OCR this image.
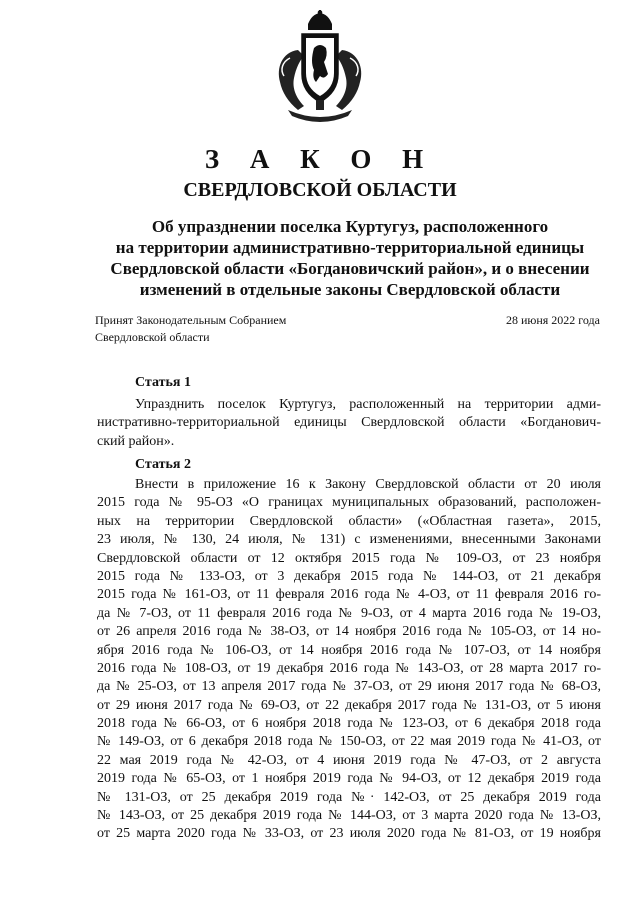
З А К О Н
СВЕРДЛОВСКОЙ ОБЛАСТИ
Об упразднении поселка Куртугуз, расположенного
на территории административно-территориальной единицы
Свердловской области «Богдановичский район», и о внесении
изменений в отдельные законы Свердловской области
Принят Законодательным Собранием
Свердловской области
28 июня 2022 года
Статья 1
Упразднить поселок Куртугуз, расположенный на территории адми-
нистративно-территориальной единицы Свердловской области «Богданович-
ский район».
Статья 2
Внести в приложение 16 к Закону Свердловской области от 20 июля
2015 года № 95-ОЗ «О границах муниципальных образований, расположен-
ных на территории Свердловской области» («Областная газета», 2015,
23 июля, № 130, 24 июля, № 131) с изменениями, внесенными Законами
Свердловской области от 12 октября 2015 года № 109-ОЗ, от 23 ноября
2015 года № 133-ОЗ, от 3 декабря 2015 года № 144-ОЗ, от 21 декабря
2015 года № 161-ОЗ, от 11 февраля 2016 года № 4-ОЗ, от 11 февраля 2016 го-
да № 7-ОЗ, от 11 февраля 2016 года № 9-ОЗ, от 4 марта 2016 года № 19-ОЗ,
от 26 апреля 2016 года № 38-ОЗ, от 14 ноября 2016 года № 105-ОЗ, от 14 но-
ября 2016 года № 106-ОЗ, от 14 ноября 2016 года № 107-ОЗ, от 14 ноября
2016 года № 108-ОЗ, от 19 декабря 2016 года № 143-ОЗ, от 28 марта 2017 го-
да № 25-ОЗ, от 13 апреля 2017 года № 37-ОЗ, от 29 июня 2017 года № 68-ОЗ,
от 29 июня 2017 года № 69-ОЗ, от 22 декабря 2017 года № 131-ОЗ, от 5 июня
2018 года № 66-ОЗ, от 6 ноября 2018 года № 123-ОЗ, от 6 декабря 2018 года
№ 149-ОЗ, от 6 декабря 2018 года № 150-ОЗ, от 22 мая 2019 года № 41-ОЗ, от
22 мая 2019 года № 42-ОЗ, от 4 июня 2019 года № 47-ОЗ, от 2 августа
2019 года № 65-ОЗ, от 1 ноября 2019 года № 94-ОЗ, от 12 декабря 2019 года
№ 131-ОЗ, от 25 декабря 2019 года №· 142-ОЗ, от 25 декабря 2019 года
№ 143-ОЗ, от 25 декабря 2019 года № 144-ОЗ, от 3 марта 2020 года № 13-ОЗ,
от 25 марта 2020 года № 33-ОЗ, от 23 июля 2020 года № 81-ОЗ, от 19 ноября
